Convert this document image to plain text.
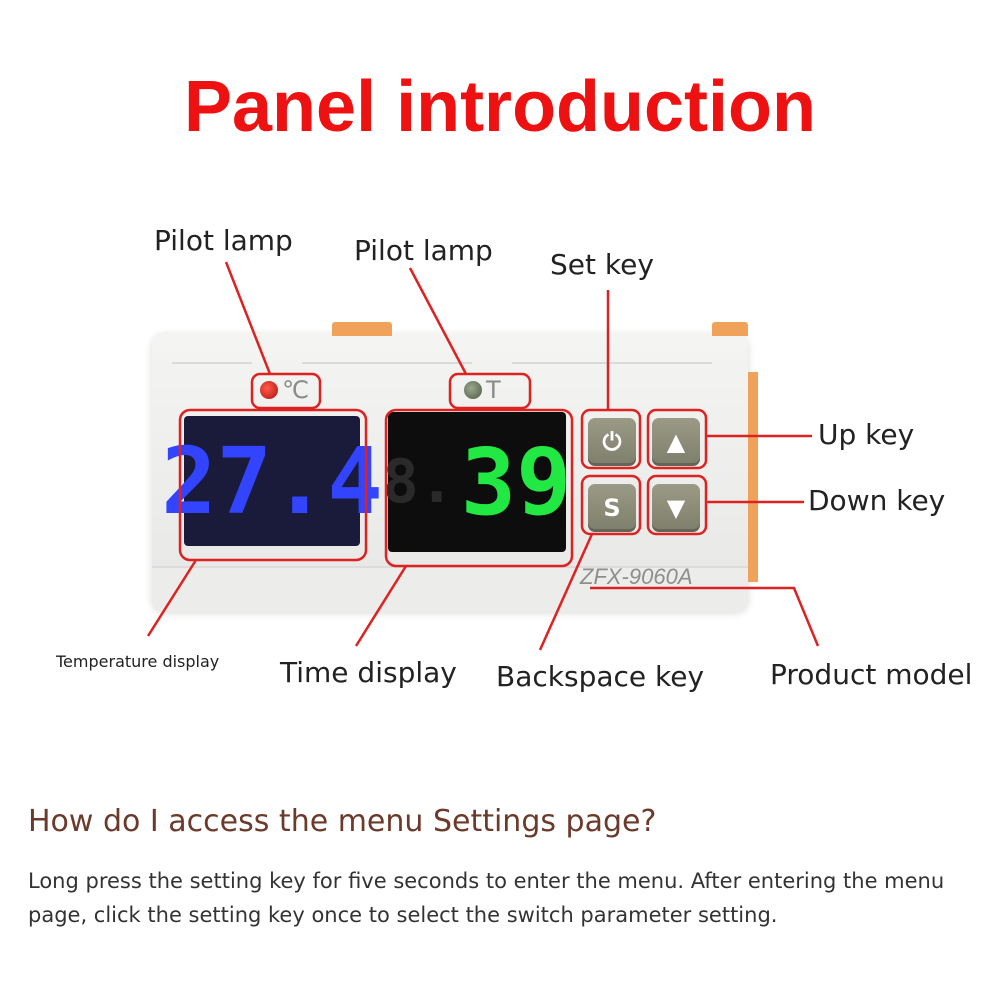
Panel introduction
Pilot lamp Pilot lamp Set key
Up key
Down key
Temperature display Time display Backspace key Product model
℃	T
27.4 8. 39 ⏻ ▲
S ▼
ZFX-9060A
How do I access the menu Settings page?
Long press the setting key for five seconds to enter the menu. After entering the menu page, click the setting key once to select the switch parameter setting.
